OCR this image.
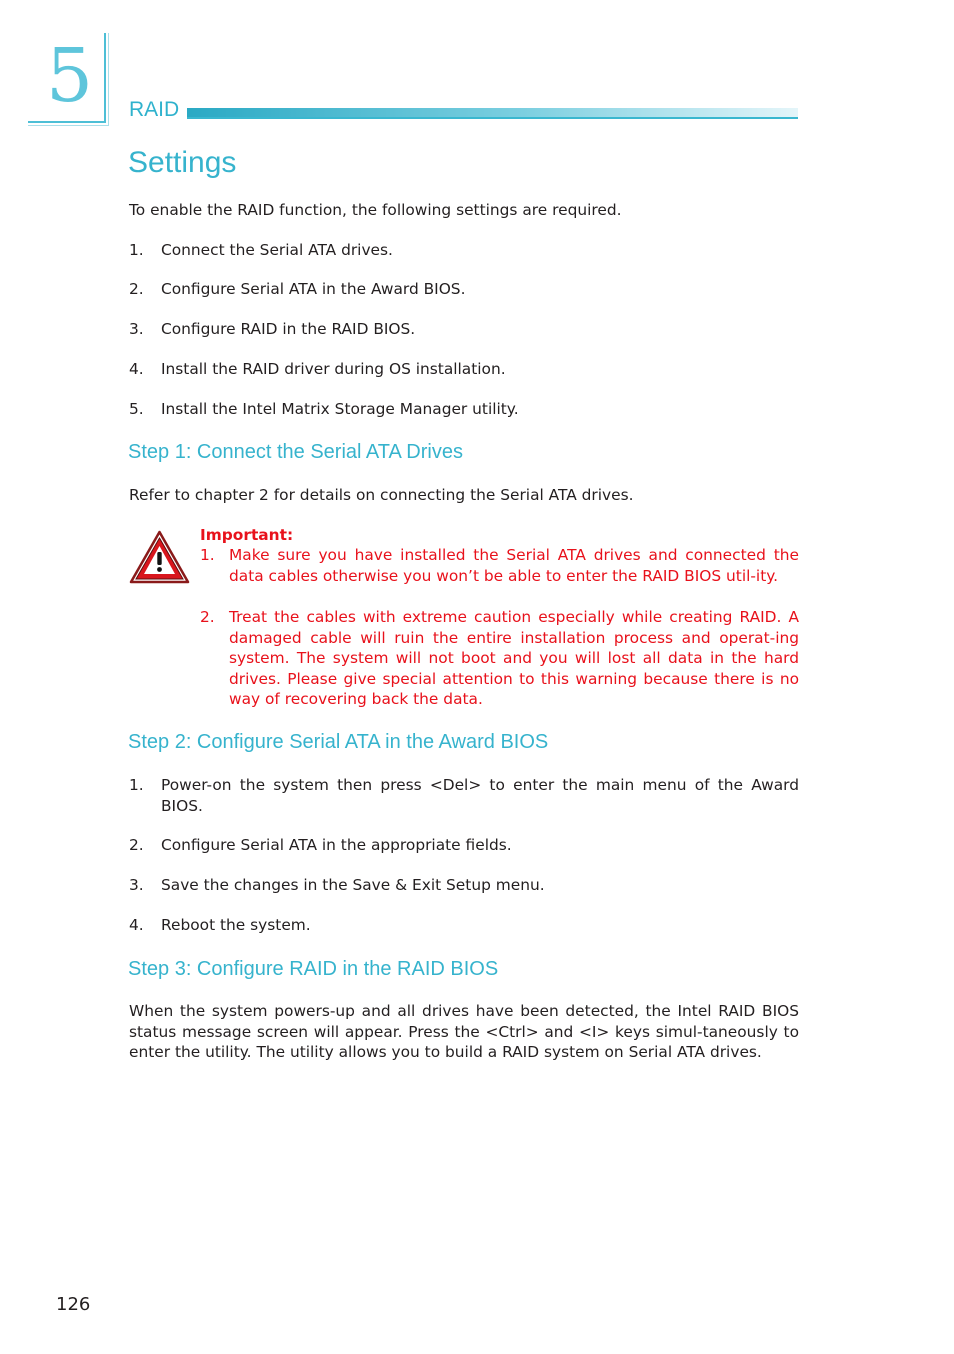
5 RAID
Settings

To enable the RAID function, the following settings are required.

1. Connect the Serial ATA drives.
2. Configure Serial ATA in the Award BIOS.
3. Configure RAID in the RAID BIOS.
4. Install the RAID driver during OS installation.
5. Install the Intel Matrix Storage Manager utility.
Step 1: Connect the Serial ATA Drives

Refer to chapter 2 for details on connecting the Serial ATA drives.

Important:
1. Make sure you have installed the Serial ATA drives and connected the data cables otherwise you won’t be able to enter the RAID BIOS util-ity.
2. Treat the cables with extreme caution especially while creating RAID. A damaged cable will ruin the entire installation process and operat-ing system. The system will not boot and you will lost all data in the hard drives. Please give special attention to this warning because there is no way of recovering back the data.
Step 2: Configure Serial ATA in the Award BIOS
1. Power-on the system then press <Del> to enter the main menu of the Award BIOS.
2. Configure Serial ATA in the appropriate fields.
3. Save the changes in the Save & Exit Setup menu.
4. Reboot the system.
Step 3: Configure RAID in the RAID BIOS

When the system powers-up and all drives have been detected, the Intel RAID BIOS status message screen will appear. Press the <Ctrl> and <I> keys simul-taneously to enter the utility. The utility allows you to build a RAID system on Serial ATA drives.

126
